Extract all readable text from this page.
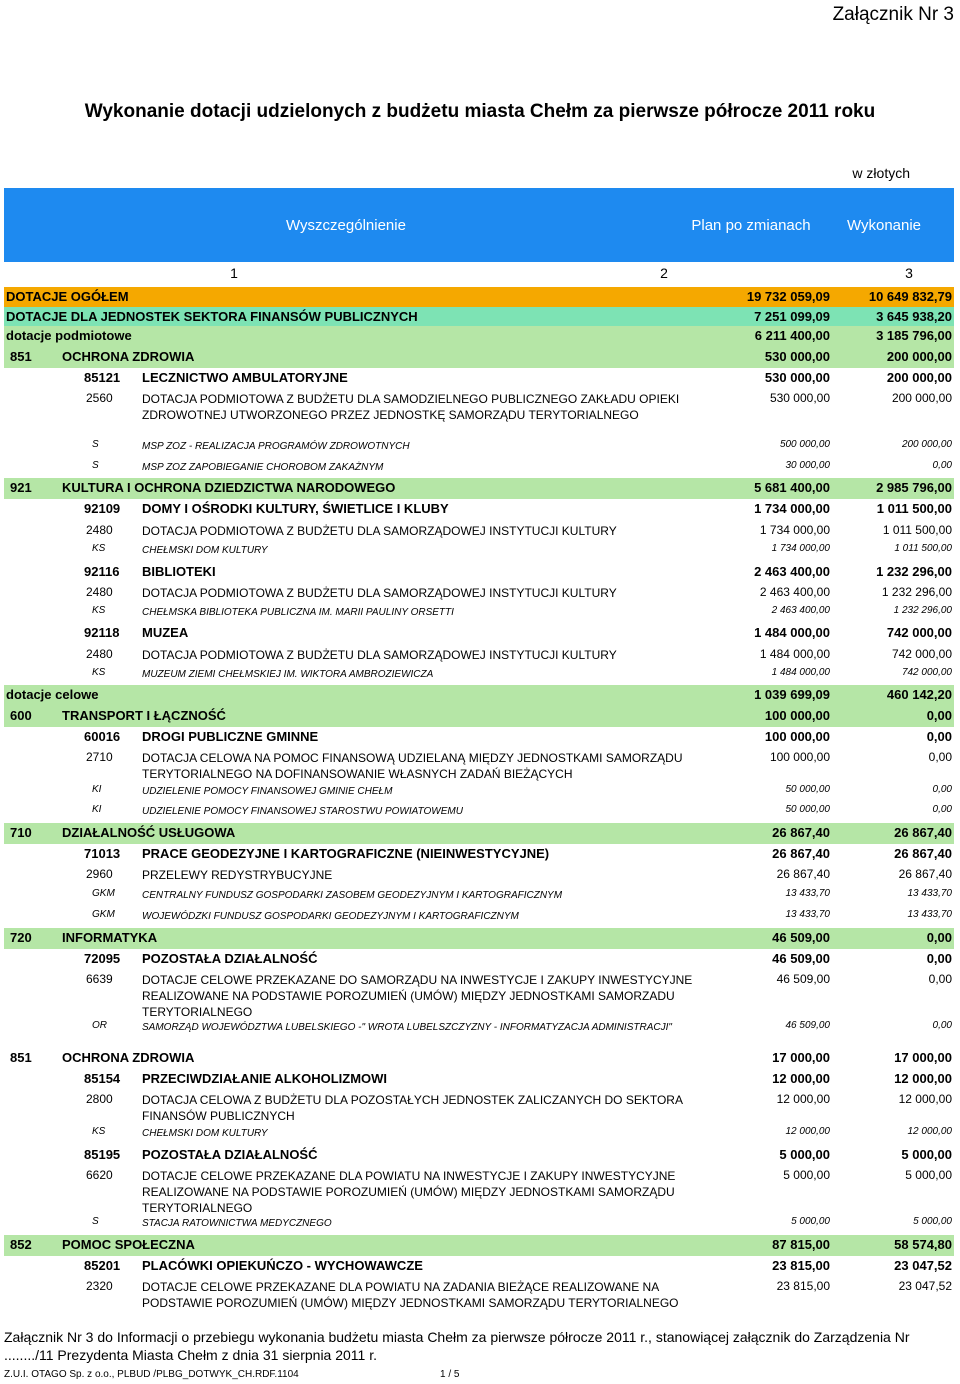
Załącznik Nr 3
Wykonanie dotacji udzielonych z budżetu miasta Chełm za pierwsze półrocze 2011 roku
w złotych
Wyszczególnienie	Plan po zmianach	Wykonanie
1	2	3
DOTACJE OGÓŁEM	19 732 059,09	10 649 832,79
DOTACJE DLA JEDNOSTEK SEKTORA FINANSÓW PUBLICZNYCH	7 251 099,09	3 645 938,20
dotacje podmiotowe	6 211 400,00	3 185 796,00
851 OCHRONA ZDROWIA	530 000,00	200 000,00
85121 LECZNICTWO AMBULATORYJNE	530 000,00	200 000,00
2560 DOTACJA PODMIOTOWA Z BUDŻETU DLA SAMODZIELNEGO PUBLICZNEGO ZAKŁADU OPIEKI ZDROWOTNEJ UTWORZONEGO PRZEZ JEDNOSTKĘ SAMORZĄDU TERYTORIALNEGO
530 000,00	200 000,00
S	MSP ZOZ - REALIZACJA PROGRAMÓW ZDROWOTNYCH	500 000,00	200 000,00
S	MSP ZOZ ZAPOBIEGANIE CHOROBOM ZAKAŻNYM	30 000,00	0,00
921 KULTURA I OCHRONA DZIEDZICTWA NARODOWEGO	5 681 400,00	2 985 796,00
92109 DOMY I OŚRODKI KULTURY, ŚWIETLICE I KLUBY	1 734 000,00	1 011 500,00
2480 DOTACJA PODMIOTOWA Z BUDŻETU DLA SAMORZĄDOWEJ INSTYTUCJI KULTURY	1 734 000,00	1 011 500,00
KS	CHEŁMSKI DOM KULTURY	1 734 000,00	1 011 500,00
92116 BIBLIOTEKI	2 463 400,00	1 232 296,00
2480 DOTACJA PODMIOTOWA Z BUDŻETU DLA SAMORZĄDOWEJ INSTYTUCJI KULTURY	2 463 400,00	1 232 296,00
KS	CHEŁMSKA BIBLIOTEKA PUBLICZNA IM. MARII PAULINY ORSETTI	2 463 400,00	1 232 296,00
92118 MUZEA	1 484 000,00	742 000,00
2480 DOTACJA PODMIOTOWA Z BUDŻETU DLA SAMORZĄDOWEJ INSTYTUCJI KULTURY	1 484 000,00	742 000,00
KS	MUZEUM ZIEMI CHEŁMSKIEJ IM. WIKTORA AMBROZIEWICZA	1 484 000,00	742 000,00
dotacje celowe	1 039 699,09	460 142,20
600 TRANSPORT I ŁĄCZNOŚĆ	100 000,00	0,00
60016 DROGI PUBLICZNE GMINNE	100 000,00	0,00
2710 DOTACJA CELOWA NA POMOC FINANSOWĄ UDZIELANĄ MIĘDZY JEDNOSTKAMI SAMORZĄDU TERYTORIALNEGO NA DOFINANSOWANIE WŁASNYCH ZADAŃ BIEŻĄCYCH
100 000,00	0,00
KI	UDZIELENIE POMOCY FINANSOWEJ GMINIE CHEŁM	50 000,00	0,00
KI	UDZIELENIE POMOCY FINANSOWEJ STAROSTWU POWIATOWEMU	50 000,00	0,00
710 DZIAŁALNOŚĆ USŁUGOWA	26 867,40	26 867,40
71013 PRACE GEODEZYJNE I KARTOGRAFICZNE (NIEINWESTYCYJNE)	26 867,40	26 867,40
2960 PRZELEWY REDYSTRYBUCYJNE	26 867,40	26 867,40
GKM	CENTRALNY FUNDUSZ GOSPODARKI ZASOBEM GEODEZYJNYM I KARTOGRAFICZNYM	13 433,70	13 433,70
GKM	WOJEWÓDZKI FUNDUSZ GOSPODARKI GEODEZYJNYM I KARTOGRAFICZNYM	13 433,70	13 433,70
720 INFORMATYKA	46 509,00	0,00
72095 POZOSTAŁA DZIAŁALNOŚĆ	46 509,00	0,00
6639 DOTACJE CELOWE PRZEKAZANE DO SAMORZĄDU NA INWESTYCJE I ZAKUPY INWESTYCYJNE REALIZOWANE NA PODSTAWIE POROZUMIEŃ (UMÓW) MIĘDZY JEDNOSTKAMI SAMORZADU TERYTORIALNEGO
46 509,00	0,00
OR	SAMORZĄD WOJEWÓDZTWA LUBELSKIEGO -" WROTA LUBELSZCZYZNY - INFORMATYZACJA ADMINISTRACJI"	46 509,00	0,00
851 OCHRONA ZDROWIA	17 000,00	17 000,00
85154 PRZECIWDZIAŁANIE ALKOHOLIZMOWI	12 000,00	12 000,00
2800 DOTACJA CELOWA Z BUDŻETU DLA POZOSTAŁYCH JEDNOSTEK ZALICZANYCH DO SEKTORA FINANSÓW PUBLICZNYCH
12 000,00	12 000,00
KS	CHEŁMSKI DOM KULTURY	12 000,00	12 000,00
85195 POZOSTAŁA DZIAŁALNOŚĆ	5 000,00	5 000,00
6620 DOTACJE CELOWE PRZEKAZANE DLA POWIATU NA INWESTYCJE I ZAKUPY INWESTYCYJNE REALIZOWANE NA PODSTAWIE POROZUMIEŃ (UMÓW) MIĘDZY JEDNOSTKAMI SAMORZĄDU TERYTORIALNEGO
5 000,00	5 000,00
S	STACJA RATOWNICTWA MEDYCZNEGO	5 000,00	5 000,00
852 POMOC SPOŁECZNA	87 815,00	58 574,80
85201 PLACÓWKI OPIEKUŃCZO - WYCHOWAWCZE	23 815,00	23 047,52
2320 DOTACJE CELOWE PRZEKAZANE DLA POWIATU NA ZADANIA BIEŻĄCE REALIZOWANE NA PODSTAWIE POROZUMIEŃ (UMÓW) MIĘDZY JEDNOSTKAMI SAMORZĄDU TERYTORIALNEGO
23 815,00	23 047,52
Załącznik Nr 3 do Informacji o przebiegu wykonania budżetu miasta Chełm za pierwsze półrocze 2011 r., stanowiącej załącznik do Zarządzenia Nr ......../11 Prezydenta Miasta Chełm z dnia 31 sierpnia 2011 r.
Z.U.I. OTAGO Sp. z o.o., PLBUD /PLBG_DOTWYK_CH.RDF.1104	1 / 5
